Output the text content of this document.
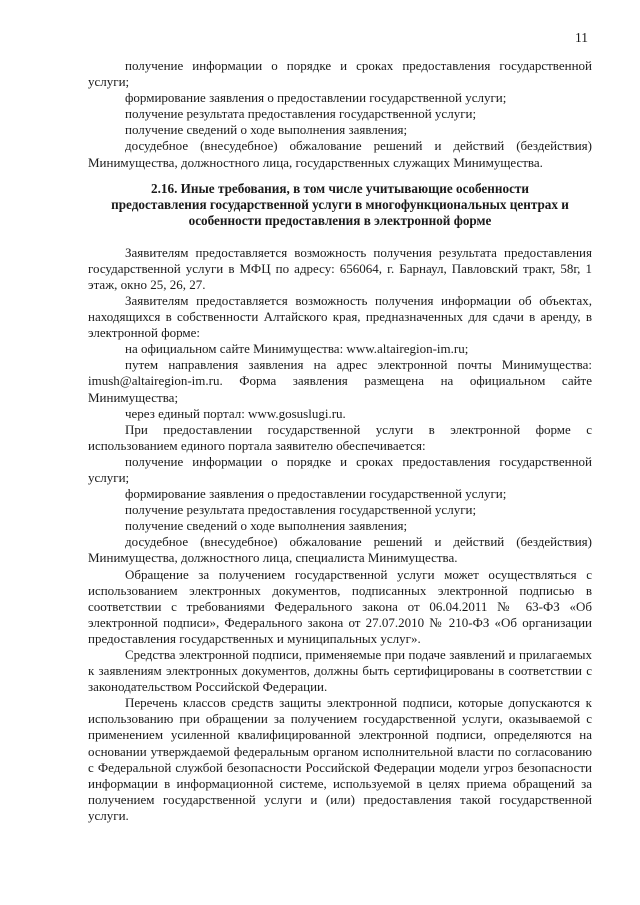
11

получение информации о порядке и сроках предоставления государственной услуги;

формирование заявления о предоставлении государственной услуги;

получение результата предоставления государственной услуги;

получение сведений о ходе выполнения заявления;

досудебное (внесудебное) обжалование решений и действий (бездействия) Минимущества, должностного лица, государственных служащих Минимущества.

2.16. Иные требования, в том числе учитывающие особенности
предоставления государственной услуги в многофункциональных центрах и
особенности предоставления в электронной форме

Заявителям предоставляется возможность получения результата предоставления государственной услуги в МФЦ по адресу: 656064, г. Барнаул, Павловский тракт, 58г, 1 этаж, окно 25, 26, 27.

Заявителям предоставляется возможность получения информации об объектах, находящихся в собственности Алтайского края, предназначенных для сдачи в аренду, в электронной форме:

на официальном сайте Минимущества: www.altairegion-im.ru;

путем направления заявления на адрес электронной почты Минимущества: imush@altairegion-im.ru. Форма заявления размещена на официальном сайте Минимущества;

через единый портал: www.gosuslugi.ru.

При предоставлении государственной услуги в электронной форме с использованием единого портала заявителю обеспечивается:

получение информации о порядке и сроках предоставления государственной услуги;

формирование заявления о предоставлении государственной услуги;

получение результата предоставления государственной услуги;

получение сведений о ходе выполнения заявления;

досудебное (внесудебное) обжалование решений и действий (бездействия) Минимущества, должностного лица, специалиста Минимущества.

Обращение за получением государственной услуги может осуществляться с использованием электронных документов, подписанных электронной подписью в соответствии с требованиями Федерального закона от 06.04.2011 № 63-ФЗ «Об электронной подписи», Федерального закона от 27.07.2010 № 210-ФЗ «Об организации предоставления государственных и муниципальных услуг».

Средства электронной подписи, применяемые при подаче заявлений и прилагаемых к заявлениям электронных документов, должны быть сертифицированы в соответствии с законодательством Российской Федерации.

Перечень классов средств защиты электронной подписи, которые допускаются к использованию при обращении за получением государственной услуги, оказываемой с применением усиленной квалифицированной электронной подписи, определяются на основании утверждаемой федеральным органом исполнительной власти по согласованию с Федеральной службой безопасности Российской Федерации модели угроз безопасности информации в информационной системе, используемой в целях приема обращений за получением государственной услуги и (или) предоставления такой государственной услуги.
